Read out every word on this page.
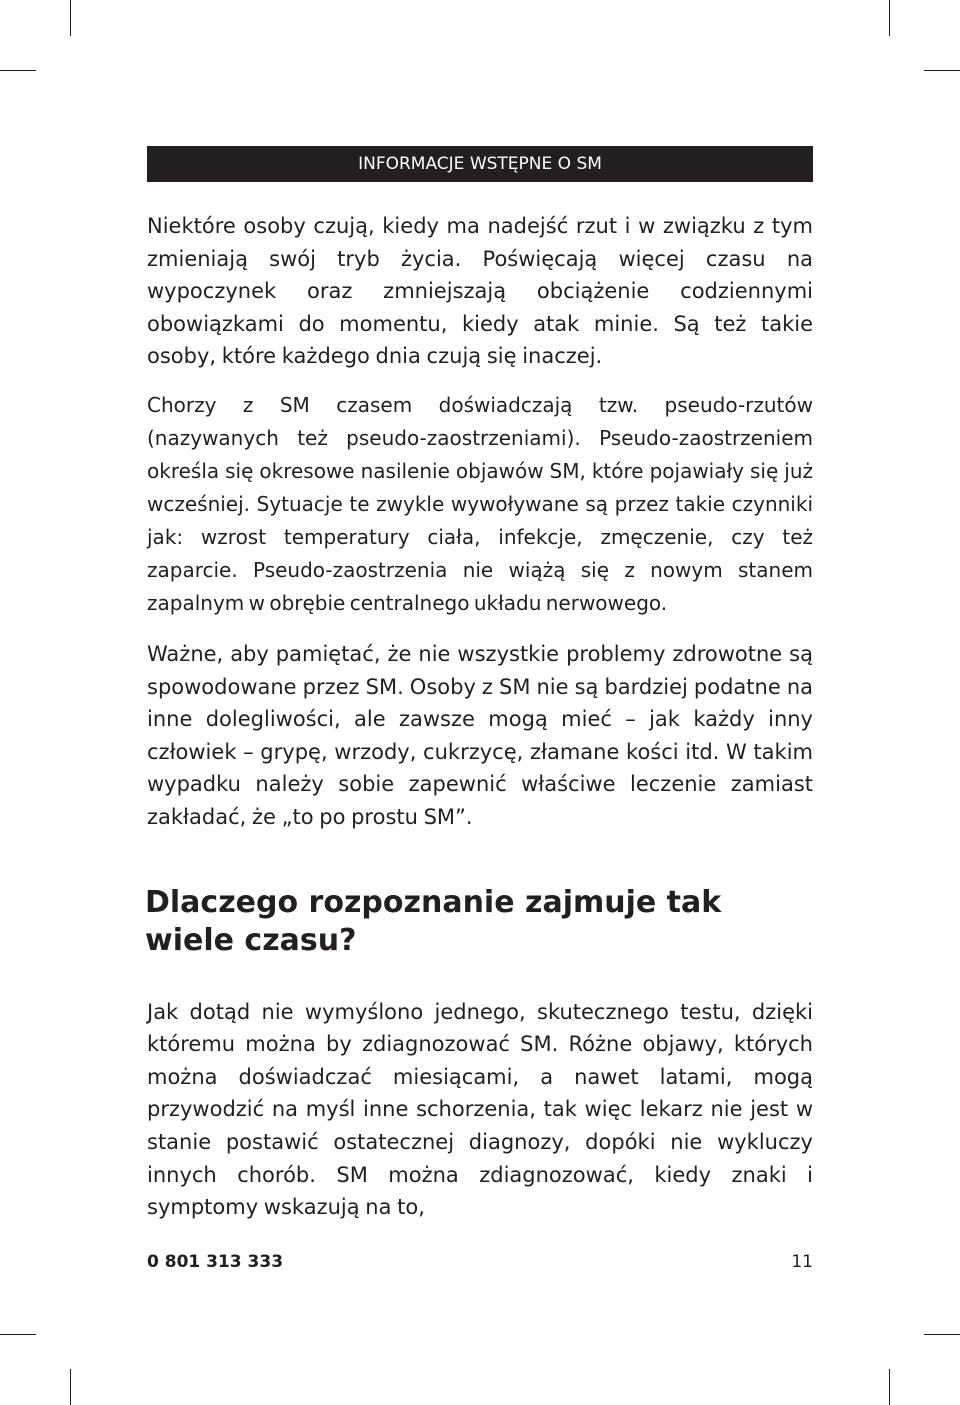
INFORMACJE WSTĘPNE O SM

Niektóre osoby czują, kiedy ma nadejść rzut i w związku z tym zmieniają swój tryb życia. Poświęcają więcej czasu na wypoczynek oraz zmniejszają obciążenie codziennymi obowiązkami do momentu, kiedy atak minie. Są też takie osoby, które każdego dnia czują się inaczej.

Chorzy z SM czasem doświadczają tzw. pseudo-rzutów (nazywanych też pseudo-zaostrzeniami). Pseudo-zaostrzeniem określa się okresowe nasilenie objawów SM, które pojawiały się już wcześniej. Sytuacje te zwykle wywoływane są przez takie czynniki jak: wzrost temperatury ciała, infekcje, zmęczenie, czy też zaparcie. Pseudo-zaostrzenia nie wiążą się z nowym stanem zapalnym w obrębie centralnego układu nerwowego.

Ważne, aby pamiętać, że nie wszystkie problemy zdrowotne są spowodowane przez SM. Osoby z SM nie są bardziej podatne na inne dolegliwości, ale zawsze mogą mieć – jak każdy inny człowiek – grypę, wrzody, cukrzycę, złamane kości itd. W takim wypadku należy sobie zapewnić właściwe leczenie zamiast zakładać, że „to po prostu SM”.

Dlaczego rozpoznanie zajmuje tak wiele czasu?

Jak dotąd nie wymyślono jednego, skutecznego testu, dzięki któremu można by zdiagnozować SM. Różne objawy, których można doświadczać miesiącami, a nawet latami, mogą przywodzić na myśl inne schorzenia, tak więc lekarz nie jest w stanie postawić ostatecznej diagnozy, dopóki nie wykluczy innych chorób. SM można zdiagnozować, kiedy znaki i symptomy wskazują na to,

0 801 313 333	11
